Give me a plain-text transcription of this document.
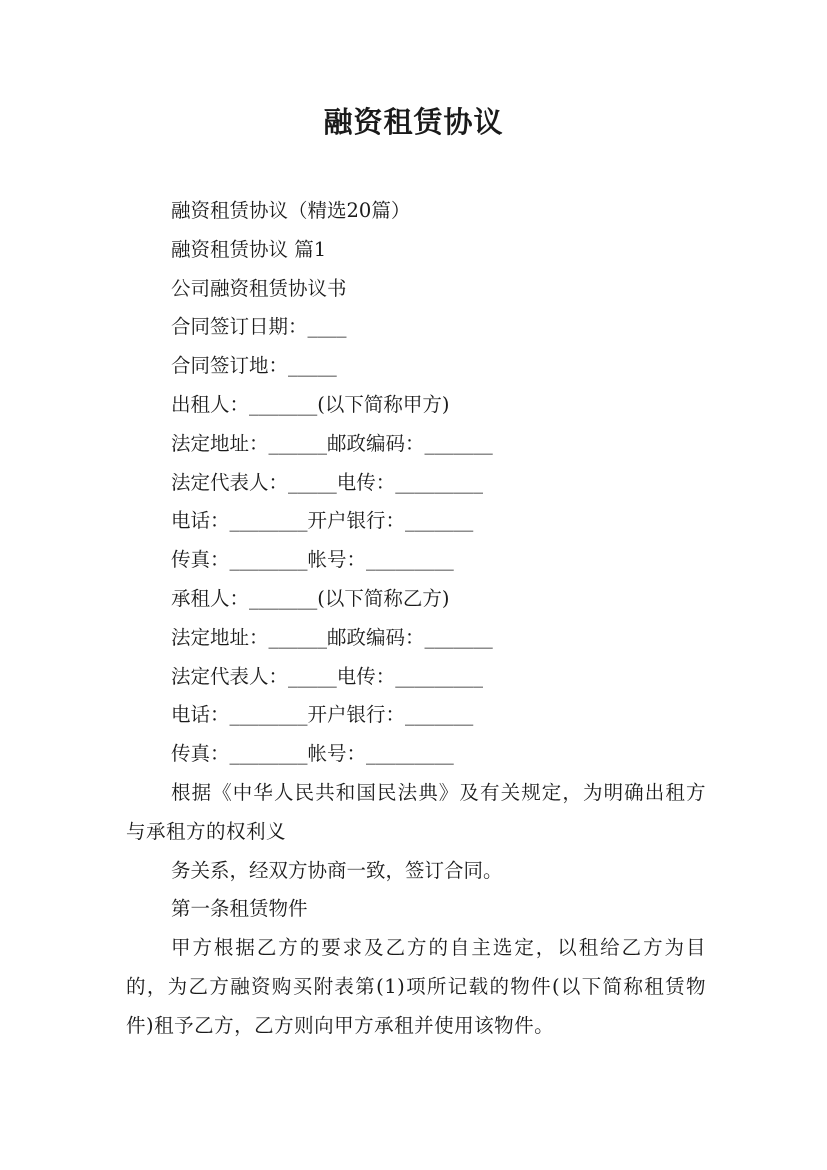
融资租赁协议

融资租赁协议（精选20篇）

融资租赁协议 篇1

公司融资租赁协议书

合同签订日期：____

合同签订地：_____

出租人：_______(以下简称甲方)

法定地址：______邮政编码：_______

法定代表人：_____电传：_________

电话：________开户银行：_______

传真：________帐号：_________

承租人：_______(以下简称乙方)

法定地址：______邮政编码：_______

法定代表人：_____电传：_________

电话：________开户银行：_______

传真：________帐号：_________

根据《中华人民共和国民法典》及有关规定，为明确出租方与承租方的权利义

务关系，经双方协商一致，签订合同。

第一条租赁物件

甲方根据乙方的要求及乙方的自主选定，以租给乙方为目的，为乙方融资购买附表第(1)项所记载的物件(以下简称租赁物件)租予乙方，乙方则向甲方承租并使用该物件。
